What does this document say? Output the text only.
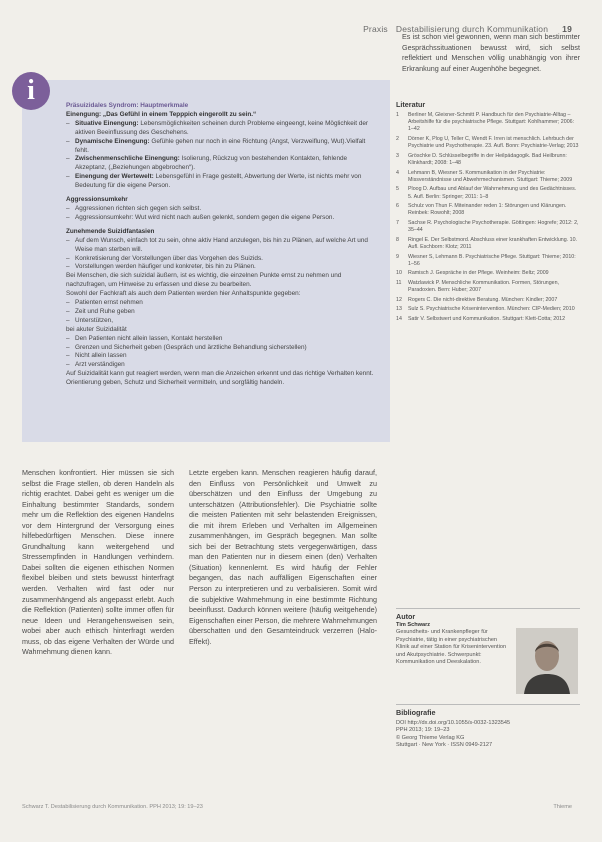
Praxis Destabilisierung durch Kommunikation 19
Präsuizidales Syndrom: Hauptmerkmale
Einengung: „Das Gefühl in einem Tepppich eingerollt zu sein.“
– Situative Einengung: Lebensmöglichkeiten scheinen durch Probleme eingeengt, keine Möglichkeit der aktiven Beeinflussung des Geschehens.
– Dynamische Einengung: Gefühle gehen nur noch in eine Richtung (Angst, Verzweiflung, Wut).Vielfalt fehlt.
– Zwischenmenschliche Einengung: Isolierung, Rückzug von bestehenden Kontakten, fehlende Akzeptanz, („Beziehungen abgebrochen“).
– Einengung der Wertewelt: Lebensgefühl in Frage gestellt, Abwertung der Werte, ist nichts mehr von Bedeutung für die eigene Person.
Aggressionsumkehr
– Aggressionen richten sich gegen sich selbst.
– Aggressionsumkehr: Wut wird nicht nach außen gelenkt, sondern gegen die eigene Person.
Zunehmende Suizidfantasien
– Auf dem Wunsch, einfach tot zu sein, ohne aktiv Hand anzulegen, bis hin zu Plänen, auf welche Art und Weise man sterben will.
– Konkretisierung der Vorstellungen über das Vorgehen des Suizids.
– Vorstellungen werden häufiger und konkreter, bis hin zu Plänen.

Bei Menschen, die sich suizidal äußern, ist es wichtig, die einzelnen Punkte ernst zu nehmen und nachzufragen, um Hinweise zu erfassen und diese zu bearbeiten.

Sowohl der Fachkraft als auch dem Patienten werden hier Anhaltspunkte gegeben:

– Patienten ernst nehmen
– Zeit und Ruhe geben
– Unterstützen,

bei akuter Suizidalität

– Den Patienten nicht allein lassen, Kontakt herstellen
– Grenzen und Sicherheit geben (Gespräch und ärztliche Behandlung sicherstellen)
– Nicht allein lassen
– Arzt verständigen

Auf Suizidalität kann gut reagiert werden, wenn man die Anzeichen erkennt und das richtige Verhalten kennt. Orientierung geben, Schutz und Sicherheit vermitteln, und sorgfältig handeln.

i

Menschen konfrontiert. Hier müssen sie sich selbst die Frage stellen, ob deren Handeln als richtig erachtet. Dabei geht es weniger um die Einhaltung bestimmter Standards, sondern mehr um die Reflektion des eigenen Handelns vor dem Hintergrund der Versorgung eines hilfebedürftigen Menschen. Diese innere Grundhaltung kann weitergehend und Stressempfinden in Handlungen verhindern. Dabei sollten die eigenen ethischen Normen flexibel bleiben und stets bewusst hinterfragt werden. Verhalten wird fast oder nur zusammenhängend als angepasst erlebt. Auch die Reflektion (Patienten) sollte immer offen für neue Ideen und Herangehensweisen sein, wobei aber auch ethisch hinterfragt werden muss, ob das eigene Verhalten der Würde und Wahrnehmung dienen kann.

Letzte ergeben kann. Menschen reagieren häufig darauf, den Einfluss von Persönlichkeit und Umwelt zu überschätzen und den Einfluss der Umgebung zu unterschätzen (Attributionsfehler). Die Psychiatrie sollte die meisten Patienten mit sehr belastenden Ereignissen, die mit ihrem Erleben und Verhalten im Allgemeinen zusammenhängen, im Gespräch begegnen. Man sollte sich bei der Betrachtung stets vergegenwärtigen, dass man den Patienten nur in diesem einen (den) Verhalten (Situation) kennenlernt. Es wird häufig der Fehler begangen, das nach auffälligen Eigenschaften einer Person zu interpretieren und zu verbalisieren. Somit wird die subjektive Wahrnehmung in eine bestimmte Richtung beeinflusst. Dadurch können weitere (häufig weitgehende) Eigenschaften einer Person, die mehrere Wahrnehmungen überschatten und den Gesamteindruck verzerren (Halo-Effekt).

Es ist schon viel gewonnen, wenn man sich bestimmter Gesprächssituationen bewusst wird, sich selbst reflektiert und Menschen völlig unabhängig von ihrer Erkrankung auf einer Augenhöhe begegnet.

Literatur
1 Berliner M, Gleixner-Schmitt P. Handbuch für den Psychiatrie-Alltag – Arbeitshilfe für die psychiatrische Pflege. Stuttgart: Kohlhammer; 2006: 1–42
2 Dörner K, Plog U, Teller C, Wendt F. Irren ist menschlich. Lehrbuch der Psychiatrie und Psychotherapie. 23. Aufl. Bonn: Psychiatrie-Verlag; 2013
3 Gröschke D. Schlüsselbegriffe in der Heilpädagogik. Bad Heilbrunn: Klinkhardt; 2008: 1–48
4 Lehmann B, Wiesner S. Kommunikation in der Psychiatrie: Missverständnisse und Abwehrmechanismen. Stuttgart: Thieme; 2009
5 Ploog D. Aufbau und Ablauf der Wahrnehmung und des Gedächtnisses. 5. Aufl. Berlin: Springer; 2011: 1–8
6 Schulz von Thun F. Miteinander reden 1: Störungen und Klärungen. Reinbek: Rowohlt; 2008
7 Sachse R. Psychologische Psychotherapie. Göttingen: Hogrefe; 2012: 2, 35–44
8 Ringel E. Der Selbstmord. Abschluss einer krankhaften Entwicklung. 10. Aufl. Eschborn: Klotz; 2011
9 Wiesner S, Lehmann B. Psychiatrische Pflege. Stuttgart: Thieme; 2010: 1–56
10 Ramisch J. Gespräche in der Pflege. Weinheim: Beltz; 2009
11 Watzlawick P. Menschliche Kommunikation. Formen, Störungen, Paradoxien. Bern: Huber; 2007
12 Rogers C. Die nicht-direktive Beratung. München: Kindler; 2007
13 Sulz S. Psychiatrische Krisenintervention. München: CIP-Medien; 2010
14 Satir V. Selbstwert und Kommunikation. Stuttgart: Klett-Cotta; 2012
Autor
Tim Schwarz
Gesundheits- und Krankenpfleger für Psychiatrie, tätig in einer psychiatrischen Klinik auf einer Station für Krisenintervention und Akutpsychiatrie. Schwerpunkt: Kommunikation und Deeskalation.
Bibliografie
DOI http://dx.doi.org/10.1055/s-0032-1323545
PPH 2013; 19: 19–23
© Georg Thieme Verlag KG
Stuttgart · New York · ISSN 0949-2127
Schwarz T. Destabilisierung durch Kommunikation. PPH 2013; 19: 19–23	Thieme
